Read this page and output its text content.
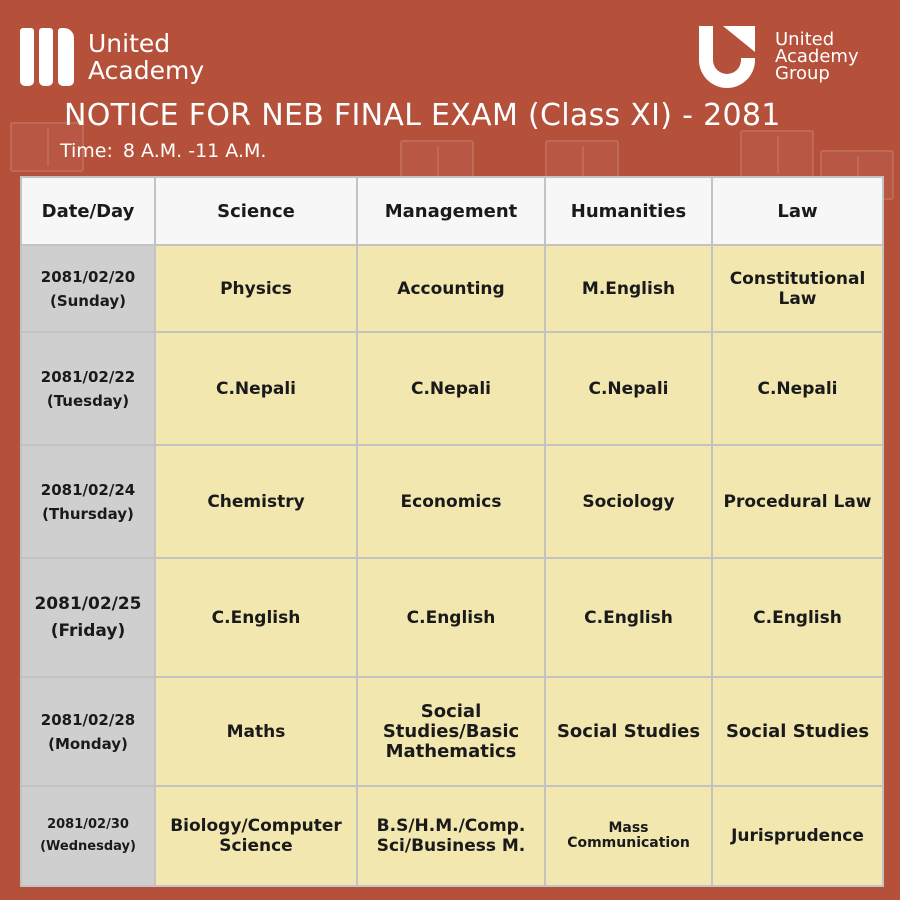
United
Academy
United
Academy
Group
NOTICE FOR NEB FINAL EXAM (Class XI) - 2081
Time: 8 A.M. -11 A.M.
Date/Day	Science	Management	Humanities	Law

2081/02/20
(Sunday)	Physics	Accounting	M.English	Constitutional Law

2081/02/22
(Tuesday)	C.Nepali	C.Nepali	C.Nepali	C.Nepali

2081/02/24
(Thursday)	Chemistry	Economics	Sociology	Procedural Law

2081/02/25
(Friday)	C.English	C.English	C.English	C.English

2081/02/28
(Monday)	Maths	Social Studies/Basic Mathematics	Social Studies	Social Studies

2081/02/30
(Wednesday)	Biology/Computer Science	B.S/H.M./Comp. Sci/Business M.	Mass Communication	Jurisprudence
